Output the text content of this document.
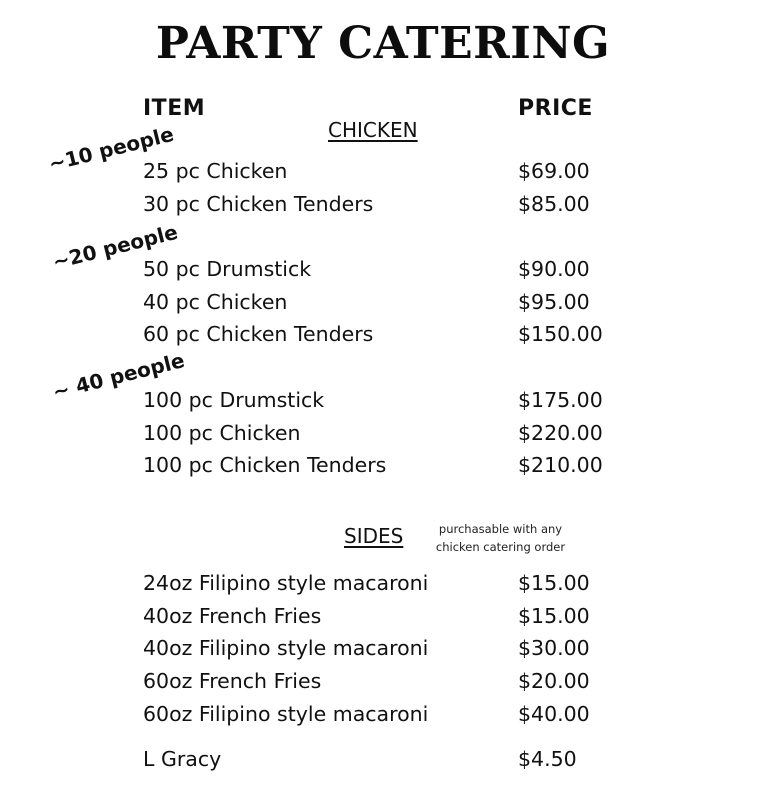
PARTY CATERING
ITEM	PRICE
CHICKEN
~10 people
25 pc Chicken	$69.00
30 pc Chicken Tenders	$85.00
~20 people
50 pc Drumstick	$90.00
40 pc Chicken	$95.00
60 pc Chicken Tenders	$150.00
~ 40 people
100 pc Drumstick	$175.00
100 pc Chicken	$220.00
100 pc Chicken Tenders	$210.00
SIDES	purchasable with any
chicken catering order
24oz Filipino style macaroni	$15.00
40oz French Fries	$15.00
40oz Filipino style macaroni	$30.00
60oz French Fries	$20.00
60oz Filipino style macaroni	$40.00
L Gracy	$4.50
